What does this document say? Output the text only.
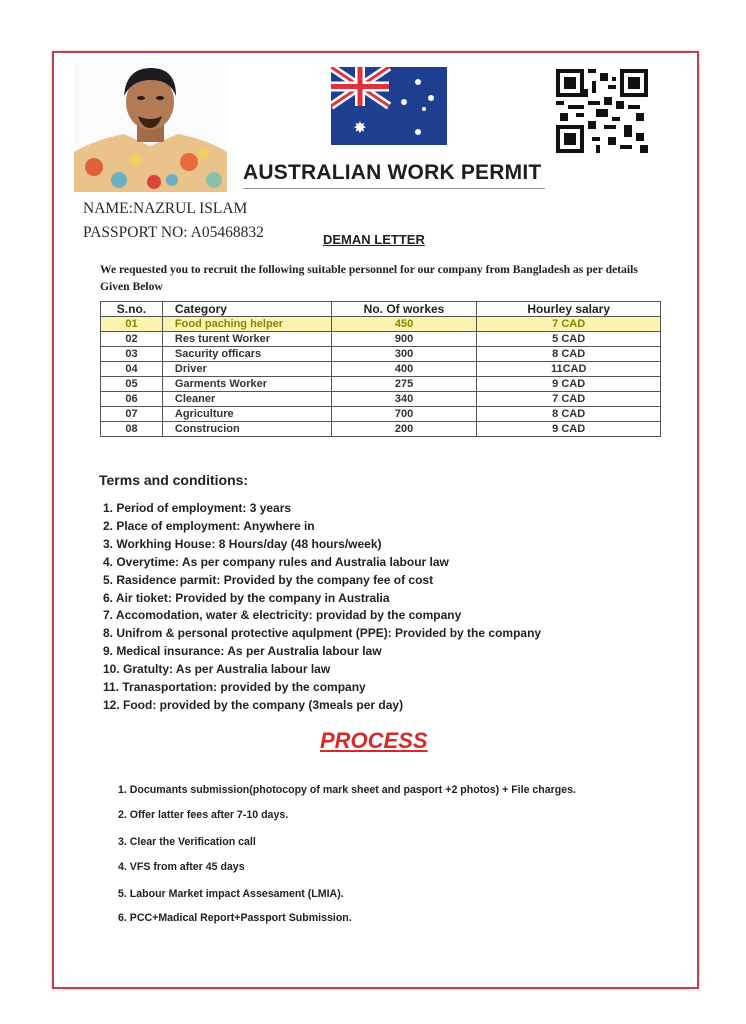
✸
AUSTRALIAN WORK PERMIT
NAME:NAZRUL ISLAM
PASSPORT NO: A05468832	DEMAN LETTER
We requested you to recruit the following suitable personnel for our company from Bangladesh as per details Given Below
S.no.	Category	No. Of workes	Hourley salary
01	Food paching helper	450	7 CAD
02	Res turent Worker	900	5 CAD
03	Sacurity officars	300	8 CAD
04	Driver	400	11CAD
05	Garments Worker	275	9 CAD
06	Cleaner	340	7 CAD
07	Agriculture	700	8 CAD
08	Construcion	200	9 CAD
Terms and conditions:
1. Period of employment: 3 years
2. Place of employment: Anywhere in
3. Workhing House: 8 Hours/day (48 hours/week)
4. Overytime: As per company rules and Australia labour law
5. Rasidence parmit: Provided by the company fee of cost
6. Air tioket: Provided by the company in Australia
7. Accomodation, water & electricity: providad by the company
8. Unifrom & personal protective aqulpment (PPE): Provided by the company
9. Medical insurance: As per Australia labour law
10. Gratulty: As per Australia labour law
11. Tranasportation: provided by the company
12. Food: provided by the company (3meals per day)
PROCESS
1. Documants submission(photocopy of mark sheet and pasport +2 photos) + File charges.
2. Offer latter fees after 7-10 days.
3. Clear the Verification call
4. VFS from after 45 days
5. Labour Market impact Assesament (LMIA).
6. PCC+Madical Report+Passport Submission.
